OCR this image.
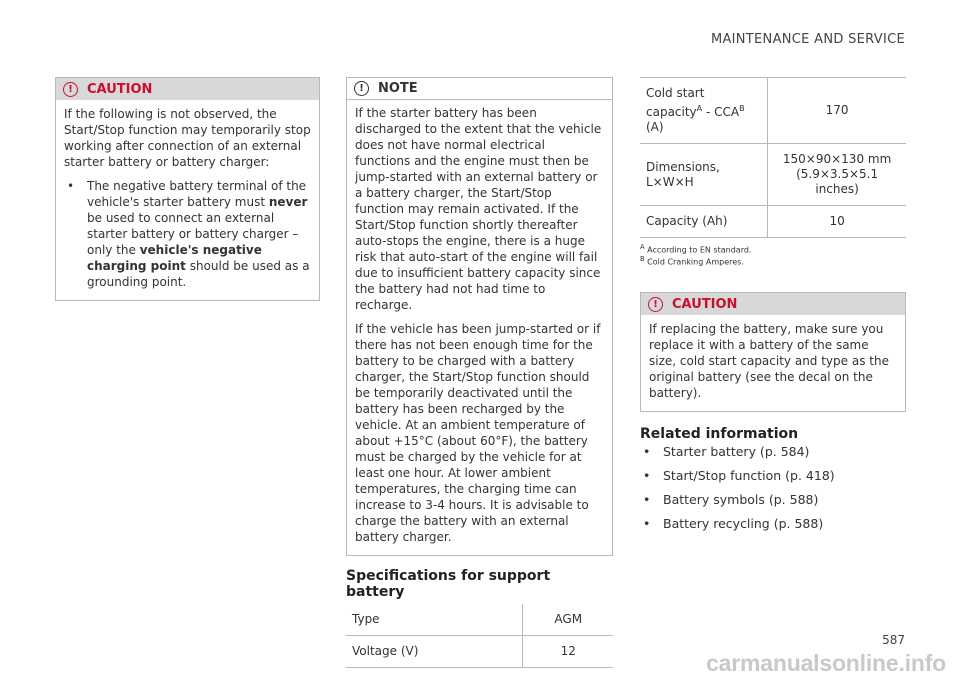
MAINTENANCE AND SERVICE
!	CAUTION

If the following is not observed, the Start/Stop function may temporarily stop working after connection of an external starter battery or battery charger:

• The negative battery terminal of the vehicle's starter battery must never be used to connect an external starter battery or battery charger – only the vehicle's negative charging point should be used as a grounding point.
!	NOTE

If the starter battery has been discharged to the extent that the vehicle does not have normal electrical functions and the engine must then be jump-started with an external battery or a battery charger, the Start/Stop function may remain activated. If the Start/Stop function shortly thereafter auto-stops the engine, there is a huge risk that auto-start of the engine will fail due to insufficient battery capacity since the battery had not had time to recharge.

If the vehicle has been jump-started or if there has not been enough time for the battery to be charged with a battery charger, the Start/Stop function should be temporarily deactivated until the battery has been recharged by the vehicle. At an ambient temperature of about +15°C (about 60°F), the battery must be charged by the vehicle for at least one hour. At lower ambient temperatures, the charging time can increase to 3-4 hours. It is advisable to charge the battery with an external battery charger.

Specifications for support battery
Type	AGM
Voltage (V)	12
Cold start capacity$^A$ - $CCA^B$ (A)	170
Dimensions, L×W×H	150×90×130 mm (5.9×3.5×5.1 inches)
Capacity (Ah)	10
$^A$ According to EN standard.
$^B$ Cold Cranking Amperes.
!	CAUTION

If replacing the battery, make sure you replace it with a battery of the same size, cold start capacity and type as the original battery (see the decal on the battery).

Related information
• Starter battery (p. 584)
• Start/Stop function (p. 418)
• Battery symbols (p. 588)
• Battery recycling (p. 588)
587
carmanualsonline.info
